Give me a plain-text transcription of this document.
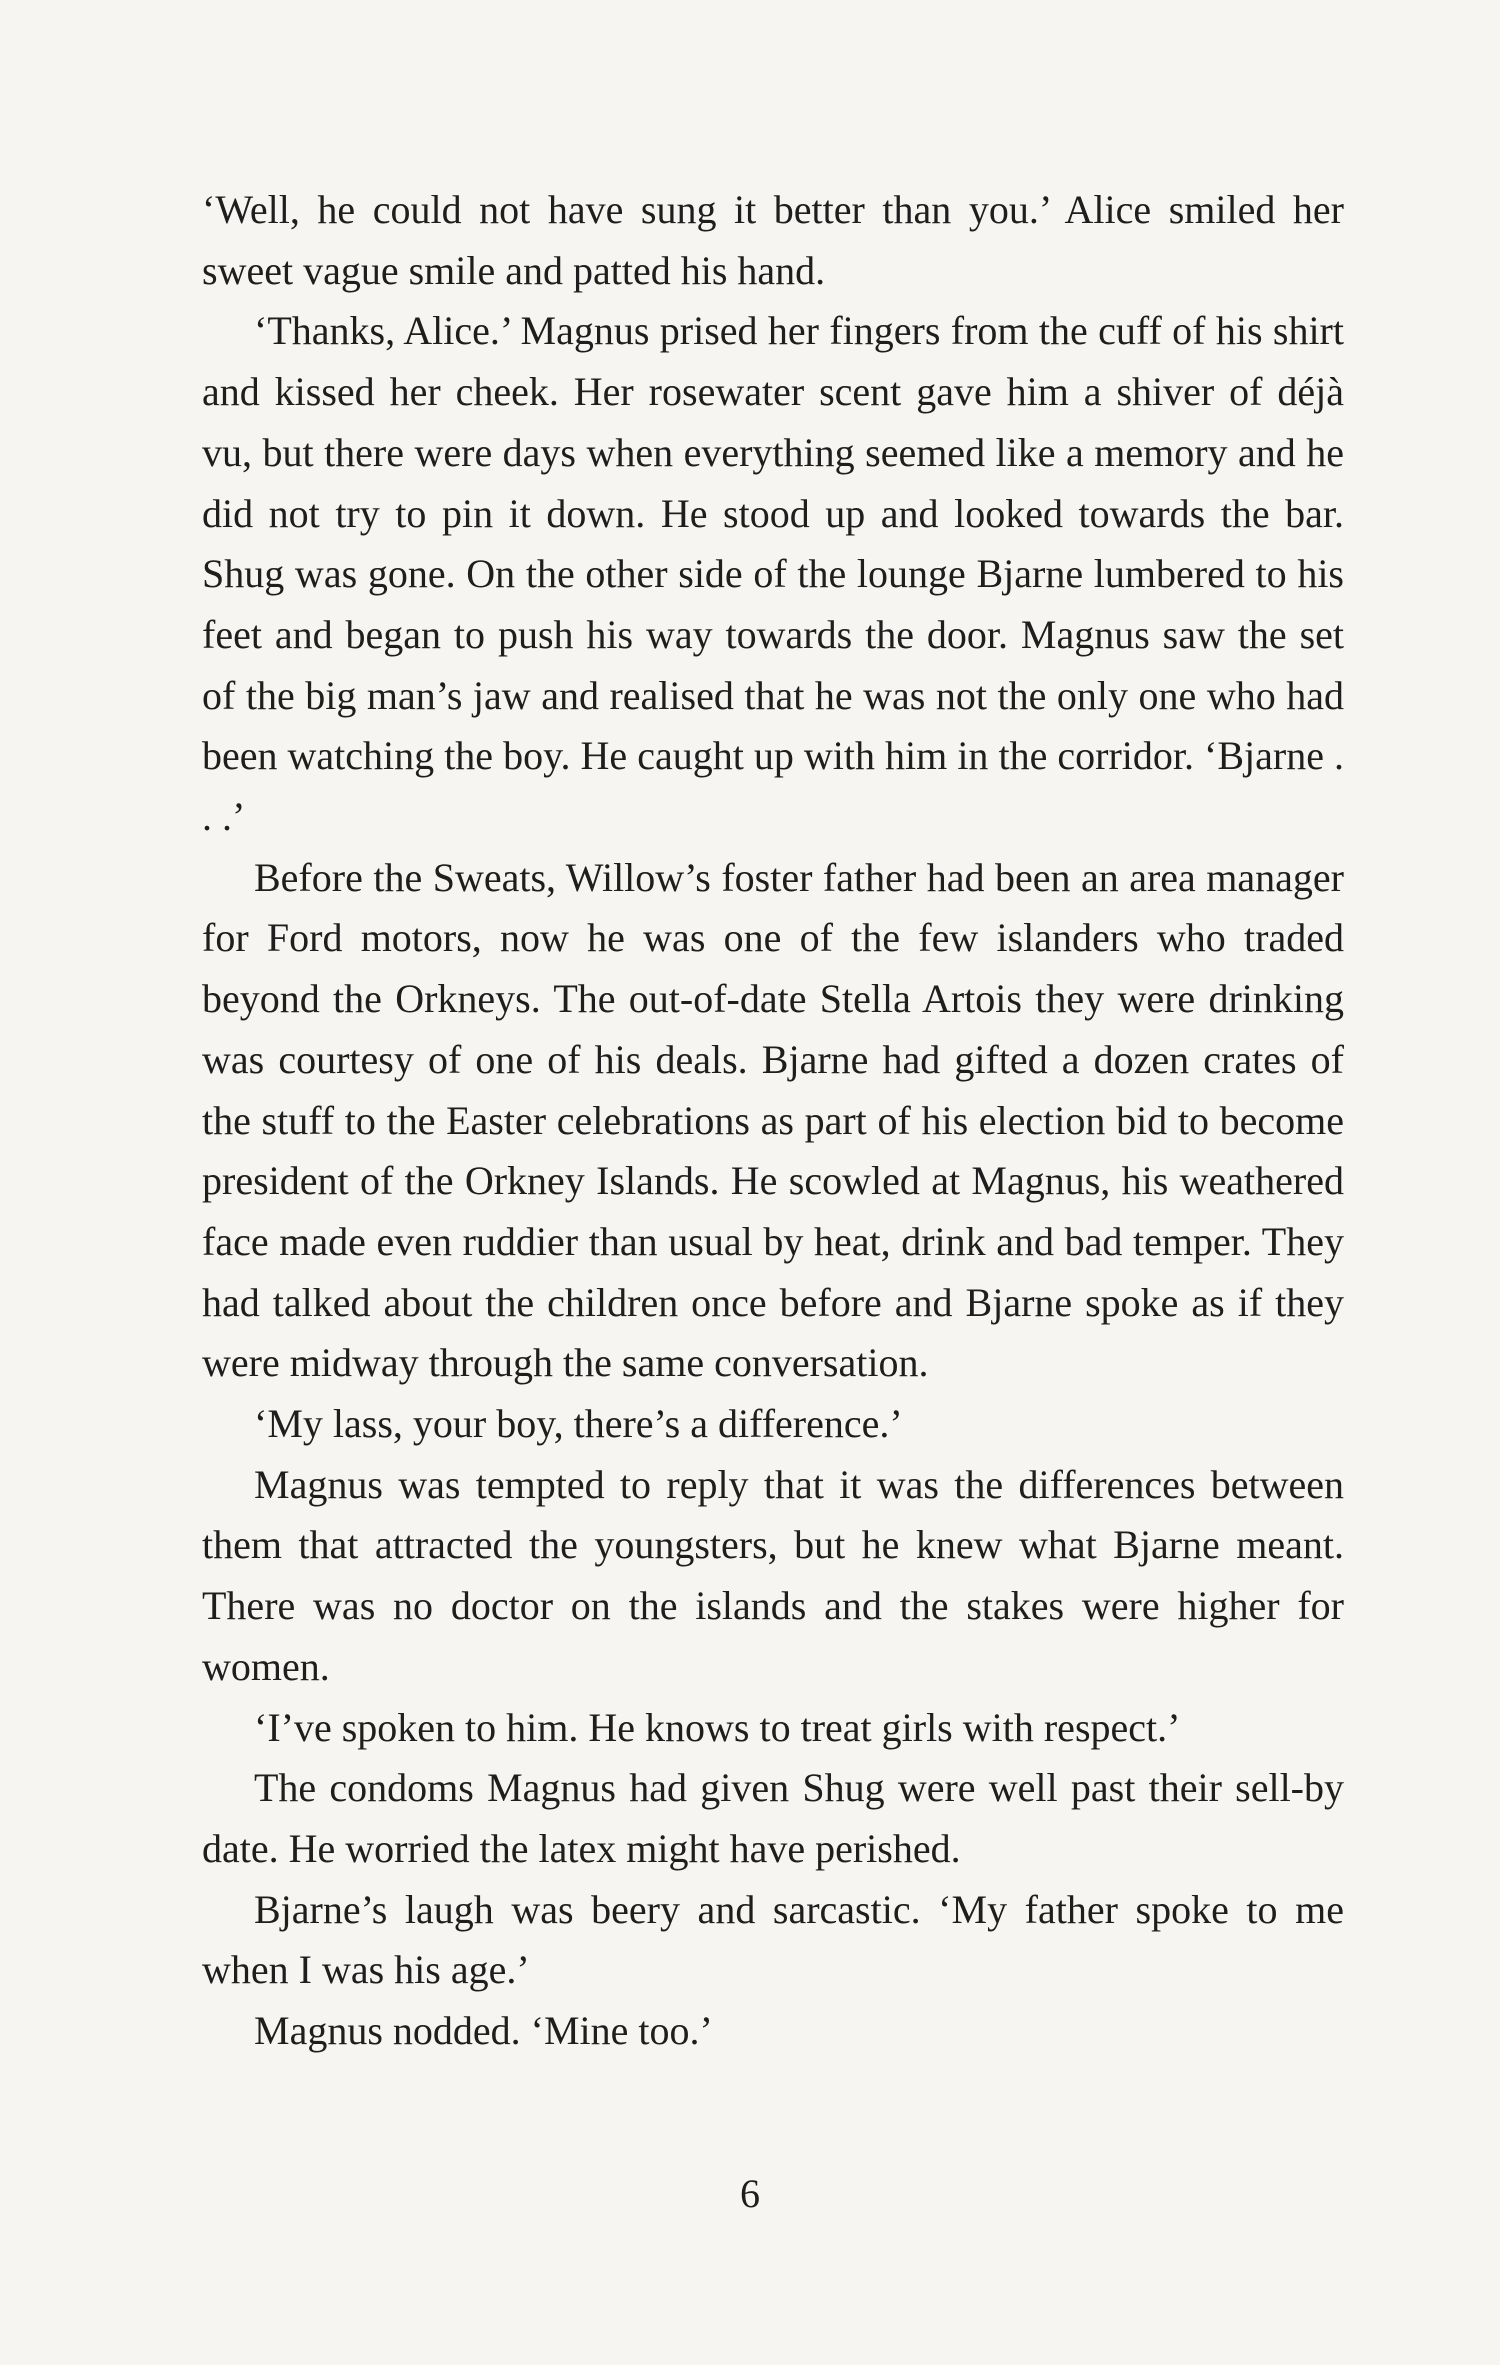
‘Well, he could not have sung it better than you.’ Alice smiled her sweet vague smile and patted his hand.

‘Thanks, Alice.’ Magnus prised her fingers from the cuff of his shirt and kissed her cheek. Her rosewater scent gave him a shiver of déjà vu, but there were days when everything seemed like a memory and he did not try to pin it down. He stood up and looked towards the bar. Shug was gone. On the other side of the lounge Bjarne lumbered to his feet and began to push his way towards the door. Magnus saw the set of the big man’s jaw and realised that he was not the only one who had been watching the boy. He caught up with him in the corridor. ‘Bjarne . . .’

Before the Sweats, Willow’s foster father had been an area manager for Ford motors, now he was one of the few islanders who traded beyond the Orkneys. The out-of-date Stella Artois they were drinking was courtesy of one of his deals. Bjarne had gifted a dozen crates of the stuff to the Easter celebrations as part of his election bid to become president of the Orkney Islands. He scowled at Magnus, his weathered face made even ruddier than usual by heat, drink and bad temper. They had talked about the children once before and Bjarne spoke as if they were midway through the same conversation.

‘My lass, your boy, there’s a difference.’

Magnus was tempted to reply that it was the differences between them that attracted the youngsters, but he knew what Bjarne meant. There was no doctor on the islands and the stakes were higher for women.

‘I’ve spoken to him. He knows to treat girls with respect.’

The condoms Magnus had given Shug were well past their sell-by date. He worried the latex might have perished.

Bjarne’s laugh was beery and sarcastic. ‘My father spoke to me when I was his age.’

Magnus nodded. ‘Mine too.’

6
